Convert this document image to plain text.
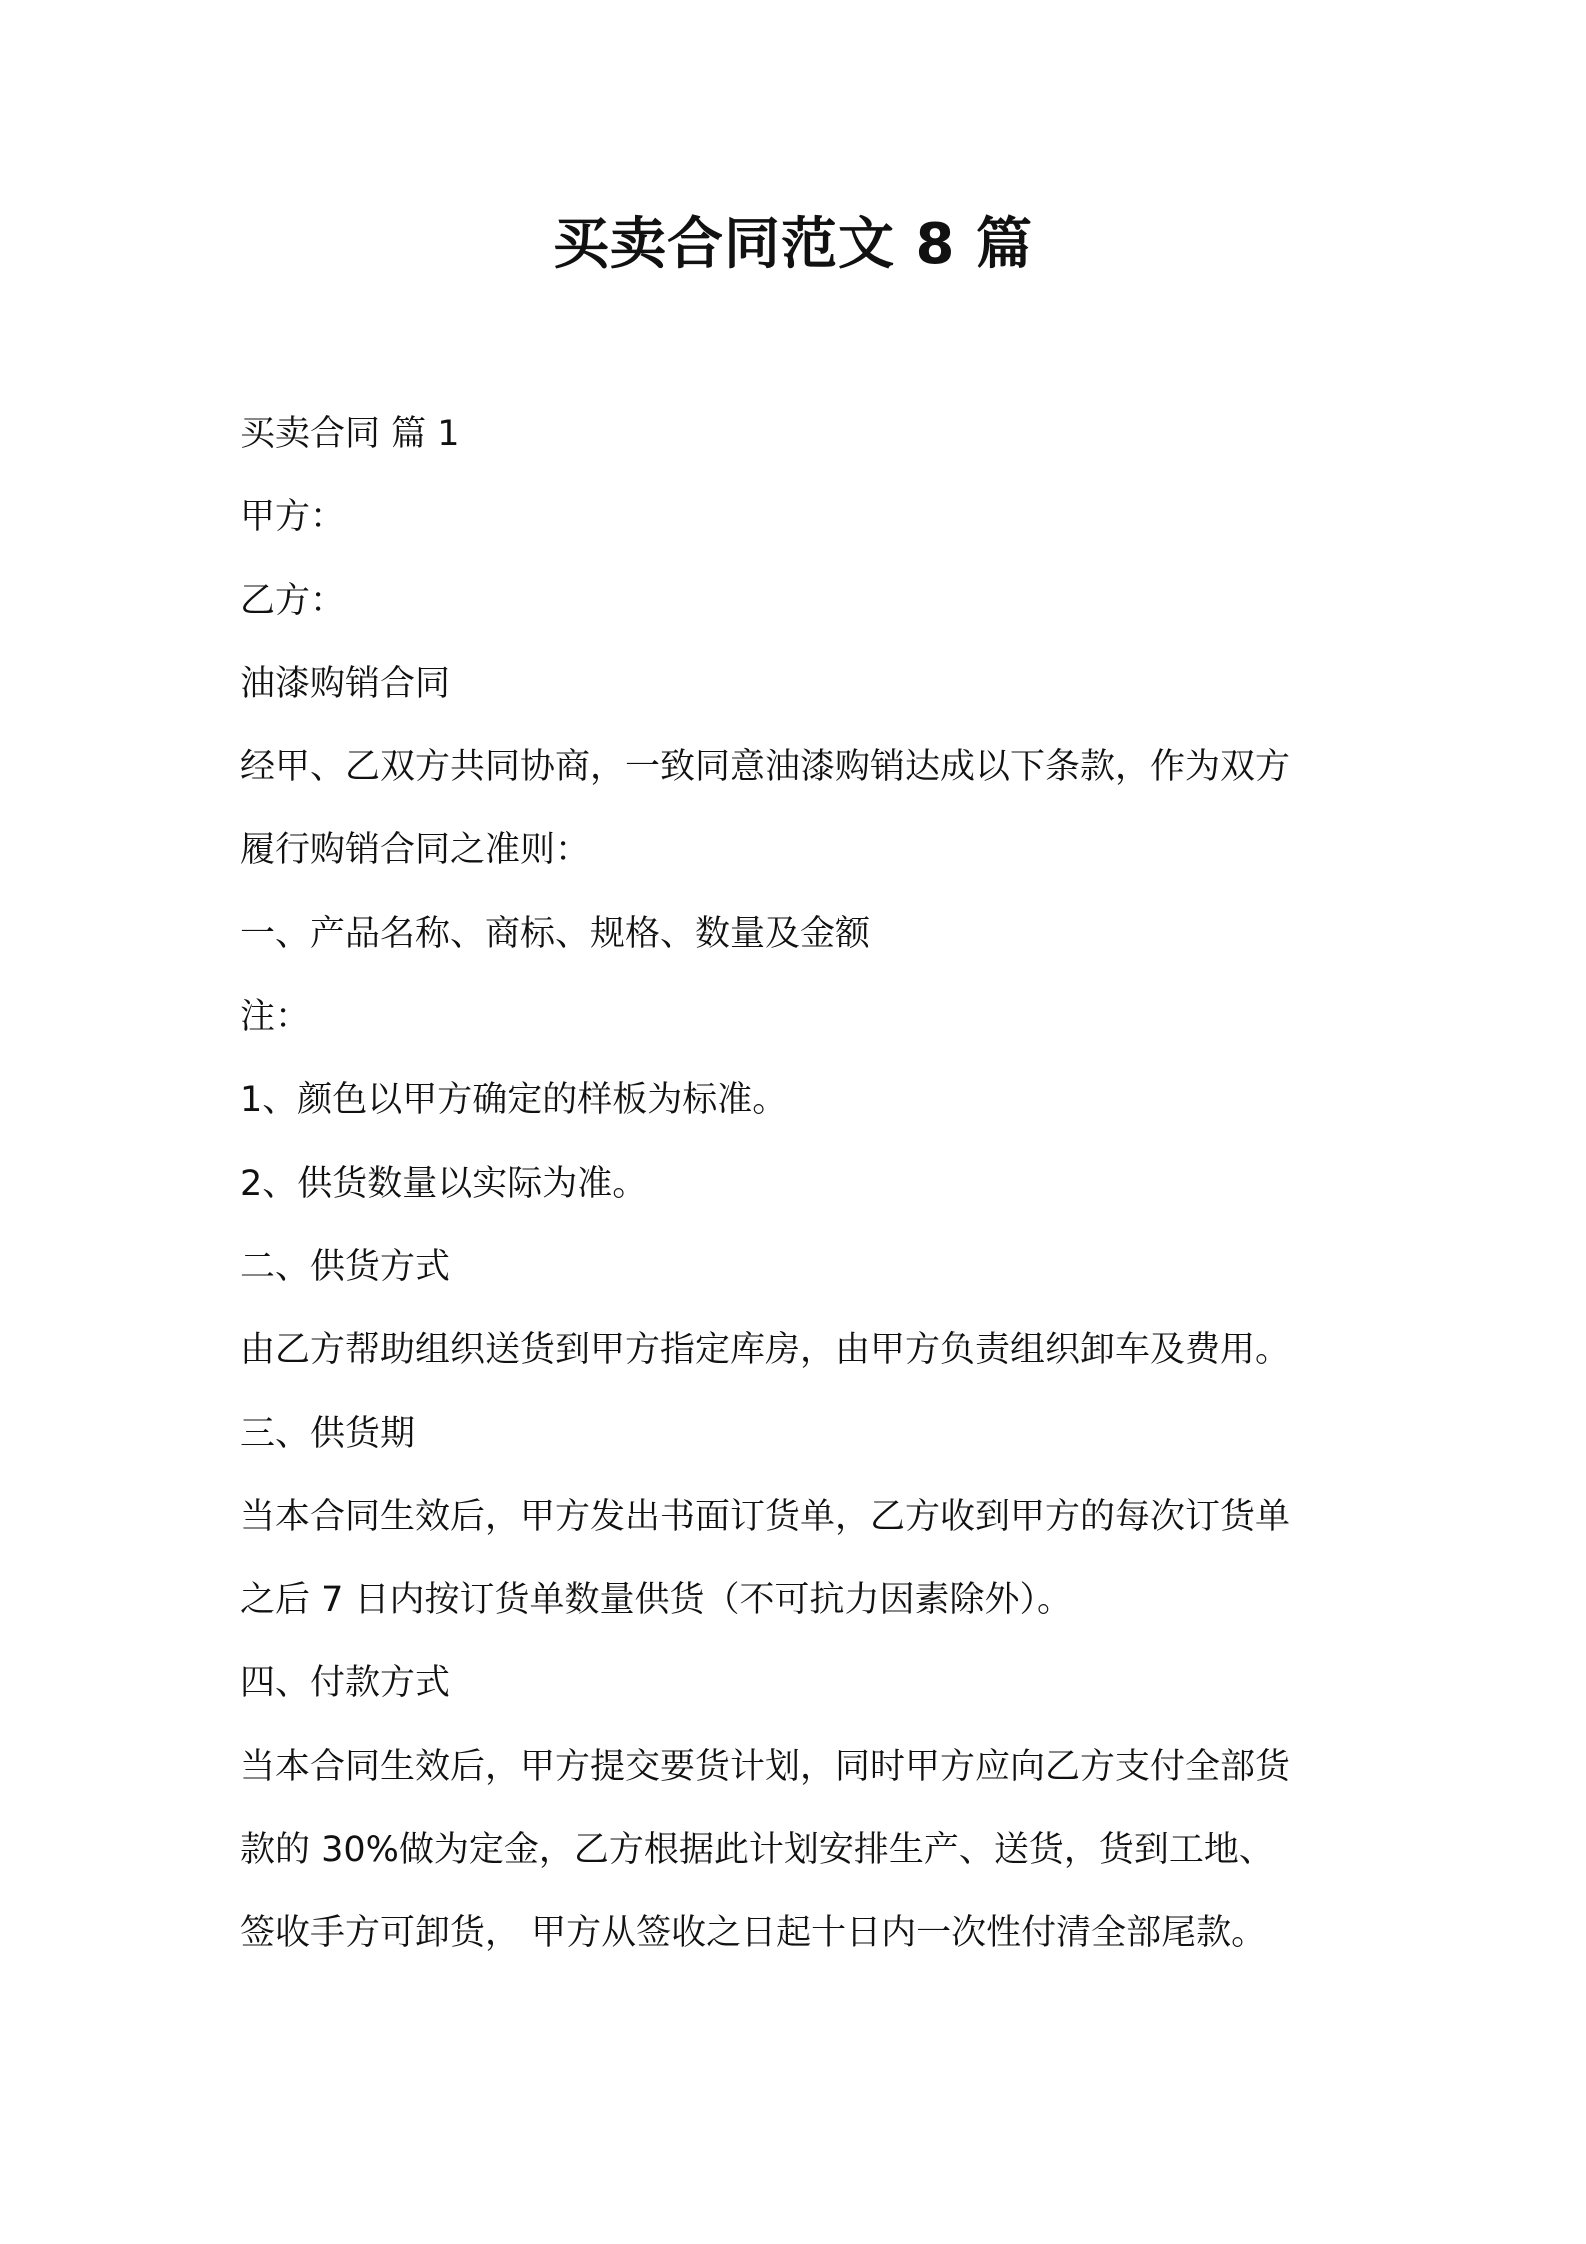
买卖合同范文 8 篇

买卖合同 篇 1

甲方：

乙方：

油漆购销合同

经甲、乙双方共同协商，一致同意油漆购销达成以下条款，作为双方

履行购销合同之准则：

一、产品名称、商标、规格、数量及金额

注：

1、颜色以甲方确定的样板为标准。

2、供货数量以实际为准。

二、供货方式

由乙方帮助组织送货到甲方指定库房，由甲方负责组织卸车及费用。

三、供货期

当本合同生效后，甲方发出书面订货单，乙方收到甲方的每次订货单

之后 7 日内按订货单数量供货（不可抗力因素除外）。

四、付款方式

当本合同生效后，甲方提交要货计划，同时甲方应向乙方支付全部货

款的 30%做为定金，乙方根据此计划安排生产、送货，货到工地、

签收手方可卸货， 甲方从签收之日起十日内一次性付清全部尾款。
